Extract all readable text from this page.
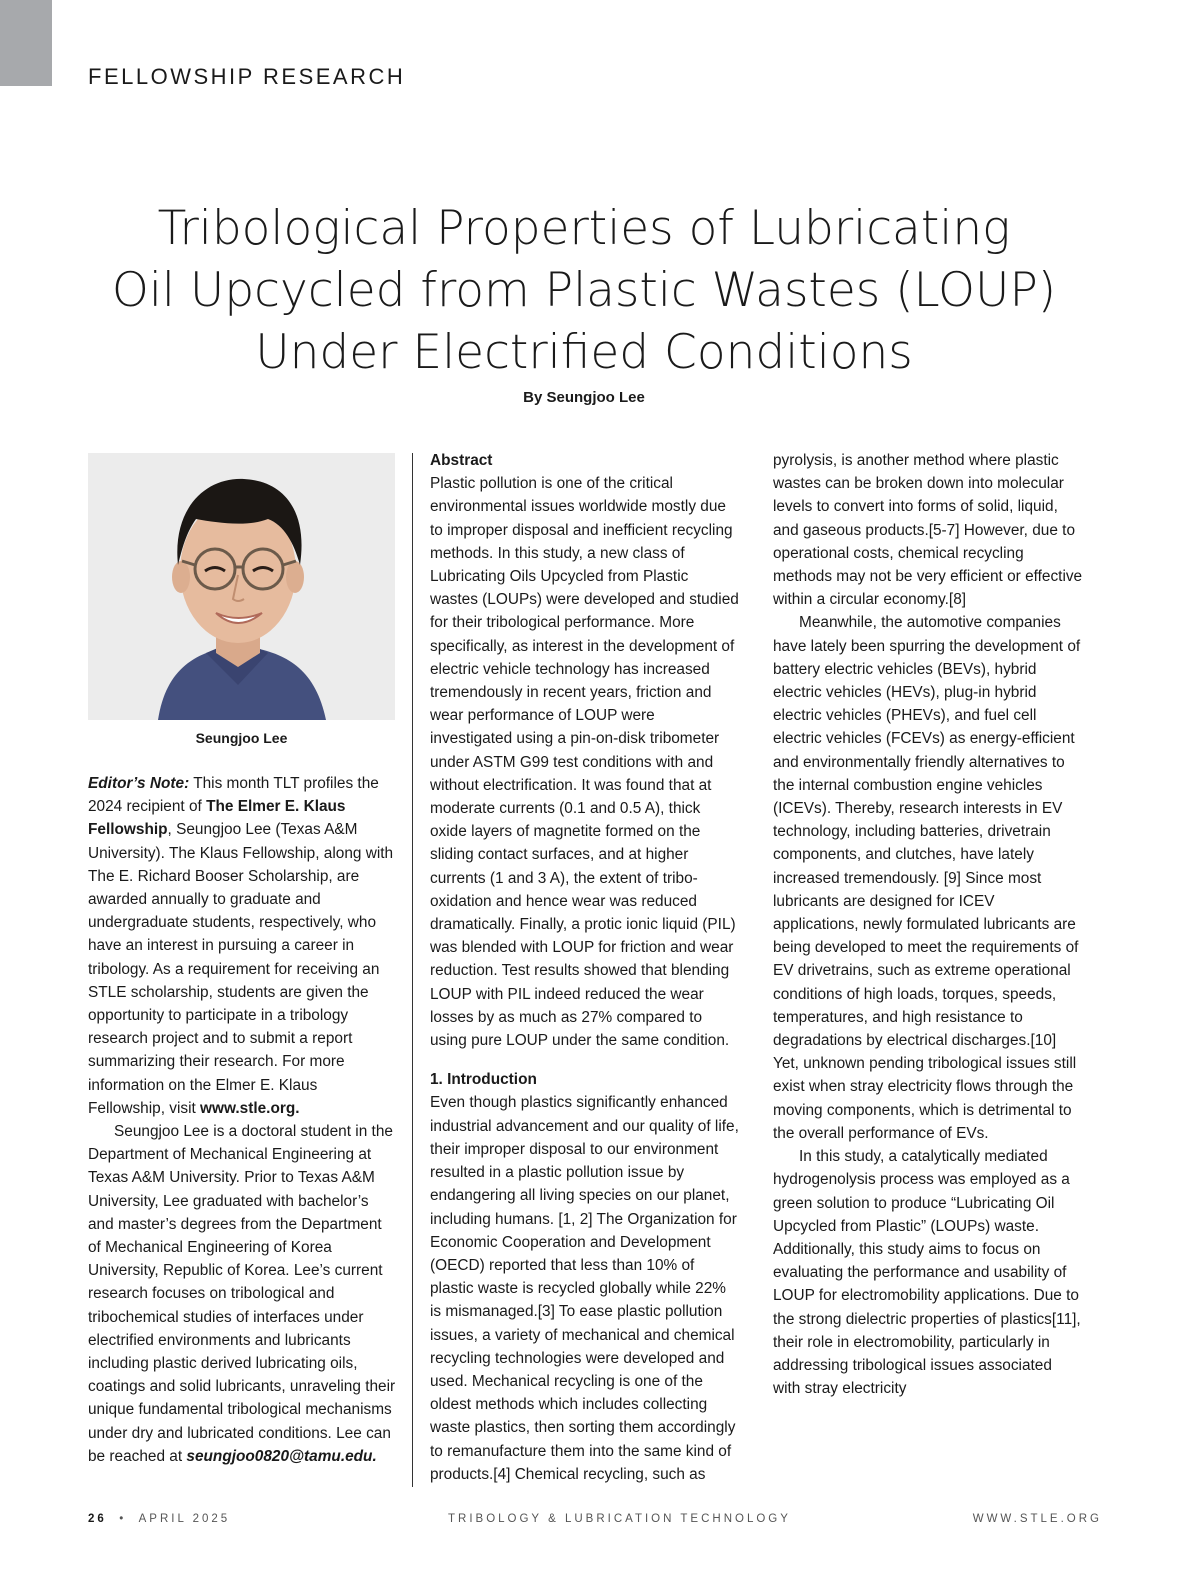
FELLOWSHIP RESEARCH
Tribological Properties of Lubricating
Oil Upcycled from Plastic Wastes (LOUP)
Under Electrified Conditions
By Seungjoo Lee
Seungjoo Lee

Editor’s Note: This month TLT profiles the 2024 recipient of The Elmer E. Klaus Fellowship, Seungjoo Lee (Texas A&M University). The Klaus Fellowship, along with The E. Richard Booser Scholarship, are awarded annually to graduate and undergraduate students, respectively, who have an interest in pursuing a career in tribology. As a requirement for receiving an STLE scholarship, students are given the opportunity to participate in a tribology research project and to submit a report summarizing their research. For more information on the Elmer E. Klaus Fellowship, visit www.stle.org.

Seungjoo Lee is a doctoral student in the Department of Mechanical Engineering at Texas A&M University. Prior to Texas A&M University, Lee graduated with bachelor’s and master’s degrees from the Department of Mechanical Engineering of Korea University, Republic of Korea. Lee’s current research focuses on tribological and tribochemical studies of interfaces under electrified environments and lubricants including plastic derived lubricating oils, coatings and solid lubricants, unraveling their unique fundamental tribological mechanisms under dry and lubricated conditions. Lee can be reached at seungjoo0820@tamu.edu.

Abstract

Plastic pollution is one of the critical environmental issues worldwide mostly due to improper disposal and inefficient recycling methods. In this study, a new class of Lubricating Oils Upcycled from Plastic wastes (LOUPs) were developed and studied for their tribological performance. More specifically, as interest in the development of electric vehicle technology has increased tremendously in recent years, friction and wear performance of LOUP were investigated using a pin-on-disk tribometer under ASTM G99 test conditions with and without electrification. It was found that at moderate currents (0.1 and 0.5 A), thick oxide layers of magnetite formed on the sliding contact surfaces, and at higher currents (1 and 3 A), the extent of tribo-oxidation and hence wear was reduced dramatically. Finally, a protic ionic liquid (PIL) was blended with LOUP for friction and wear reduction. Test results showed that blending LOUP with PIL indeed reduced the wear losses by as much as 27% compared to using pure LOUP under the same condition.

1. Introduction

Even though plastics significantly enhanced industrial advancement and our quality of life, their improper disposal to our environment resulted in a plastic pollution issue by endangering all living species on our planet, including humans. [1, 2] The Organization for Economic Cooperation and Development (OECD) reported that less than 10% of plastic waste is recycled globally while 22% is mismanaged.[3] To ease plastic pollution issues, a variety of mechanical and chemical recycling technologies were developed and used. Mechanical recycling is one of the oldest methods which includes collecting waste plastics, then sorting them accordingly to remanufacture them into the same kind of products.[4] Chemical recycling, such as

pyrolysis, is another method where plastic wastes can be broken down into molecular levels to convert into forms of solid, liquid, and gaseous products.[5-7] However, due to operational costs, chemical recycling methods may not be very efficient or effective within a circular economy.[8]

Meanwhile, the automotive companies have lately been spurring the development of battery electric vehicles (BEVs), hybrid electric vehicles (HEVs), plug-in hybrid electric vehicles (PHEVs), and fuel cell electric vehicles (FCEVs) as energy-efficient and environmentally friendly alternatives to the internal combustion engine vehicles (ICEVs). Thereby, research interests in EV technology, including batteries, drivetrain components, and clutches, have lately increased tremendously. [9] Since most lubricants are designed for ICEV applications, newly formulated lubricants are being developed to meet the requirements of EV drivetrains, such as extreme operational conditions of high loads, torques, speeds, temperatures, and high resistance to degradations by electrical discharges.[10] Yet, unknown pending tribological issues still exist when stray electricity flows through the moving components, which is detrimental to the overall performance of EVs.

In this study, a catalytically mediated hydrogenolysis process was employed as a green solution to produce “Lubricating Oil Upcycled from Plastic” (LOUPs) waste. Additionally, this study aims to focus on evaluating the performance and usability of LOUP for electromobility applications. Due to the strong dielectric properties of plastics[11], their role in electromobility, particularly in addressing tribological issues associated with stray electricity

26 • APRIL 2025	TRIBOLOGY & LUBRICATION TECHNOLOGY	WWW.STLE.ORG
